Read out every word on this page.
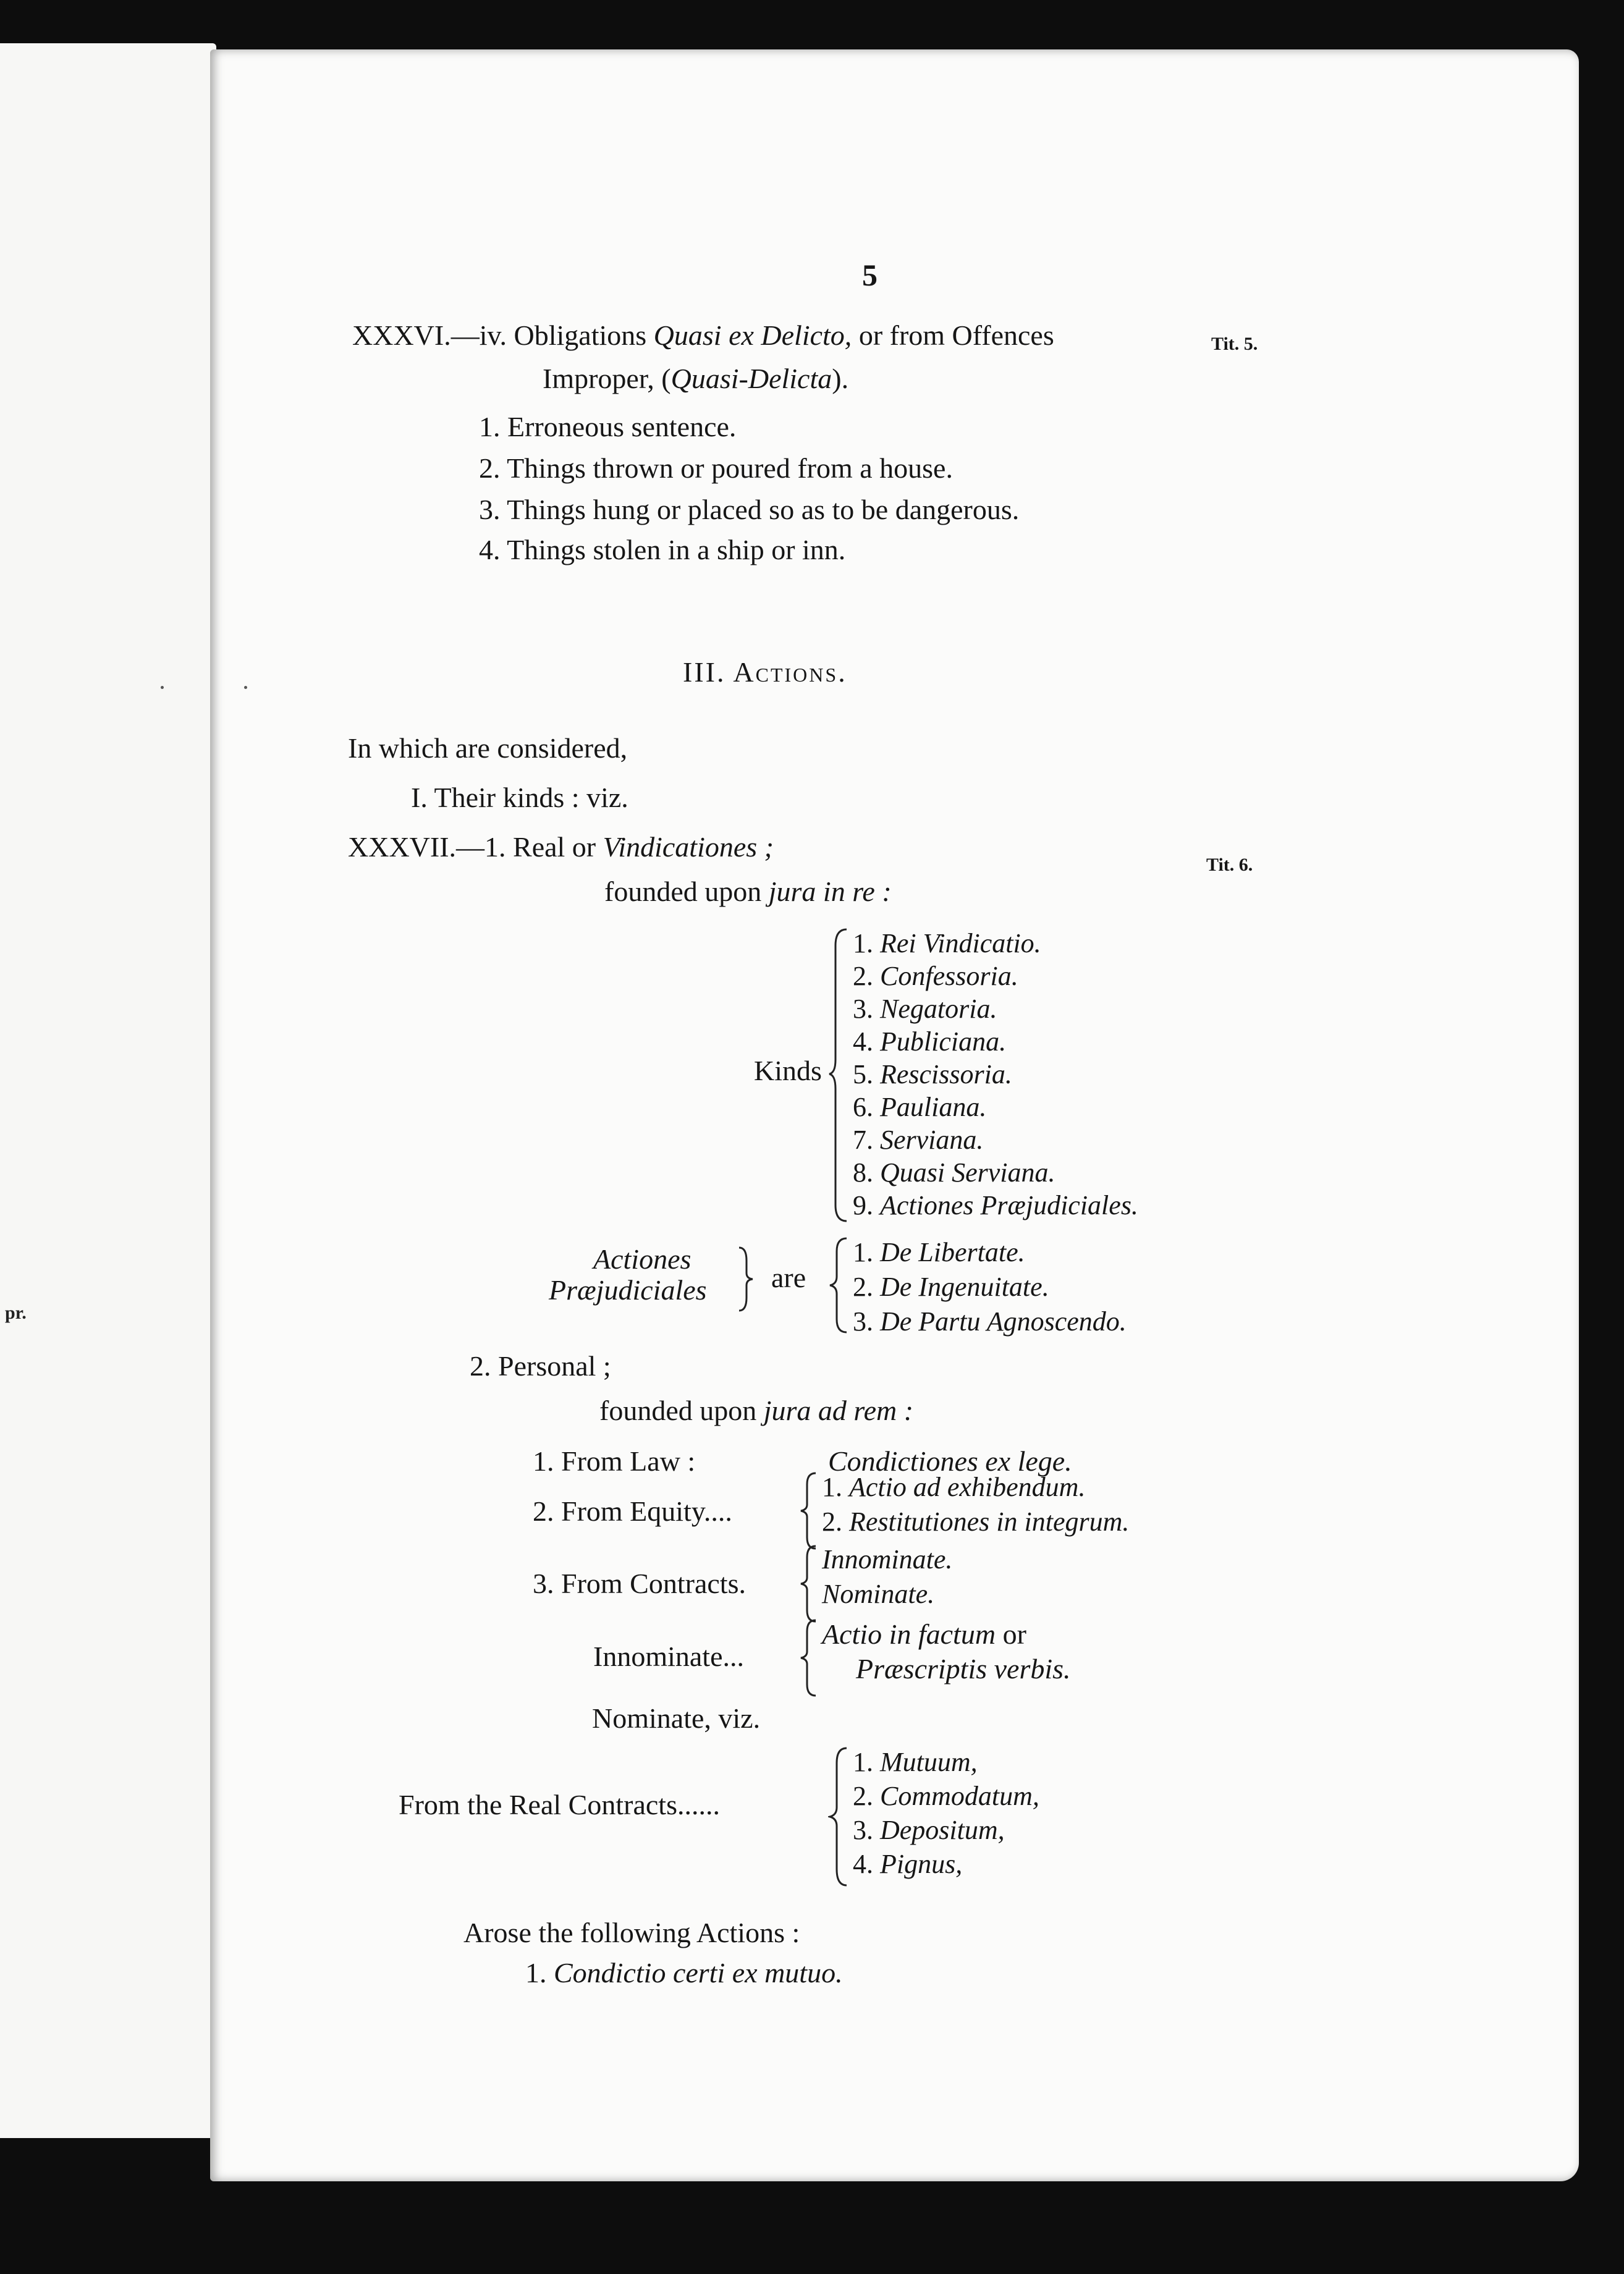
5
XXXVI.—iv. Obligations Quasi ex Delicto, or from Offences	Tit. 5.
Improper, (Quasi-Delicta).
1. Erroneous sentence.
2. Things thrown or poured from a house.
3. Things hung or placed so as to be dangerous.
4. Things stolen in a ship or inn.
III. Actions.
In which are considered,
I. Their kinds : viz.
XXXVII.—1. Real or Vindicationes ;
Tit. 6.
founded upon jura in re :
Kinds
1. Rei Vindicatio.
2. Confessoria.
3. Negatoria.
4. Publiciana.
5. Rescissoria.
6. Pauliana.
7. Serviana.
8. Quasi Serviana.
9. Actiones Præjudiciales.
Actiones
Præjudiciales are
1. De Libertate.
2. De Ingenuitate.
3. De Partu Agnoscendo.
2. Personal ;
founded upon jura ad rem :
1. From Law :	Condictiones ex lege.
2. From Equity....
1. Actio ad exhibendum.
2. Restitutiones in integrum.
3. From Contracts.
Innominate.
Nominate.
Innominate...
Actio in factum or
Præscriptis verbis.
Nominate, viz.
From the Real Contracts......
1. Mutuum,
2. Commodatum,
3. Depositum,
4. Pignus,
Arose the following Actions :
1. Condictio certi ex mutuo.
pr.
